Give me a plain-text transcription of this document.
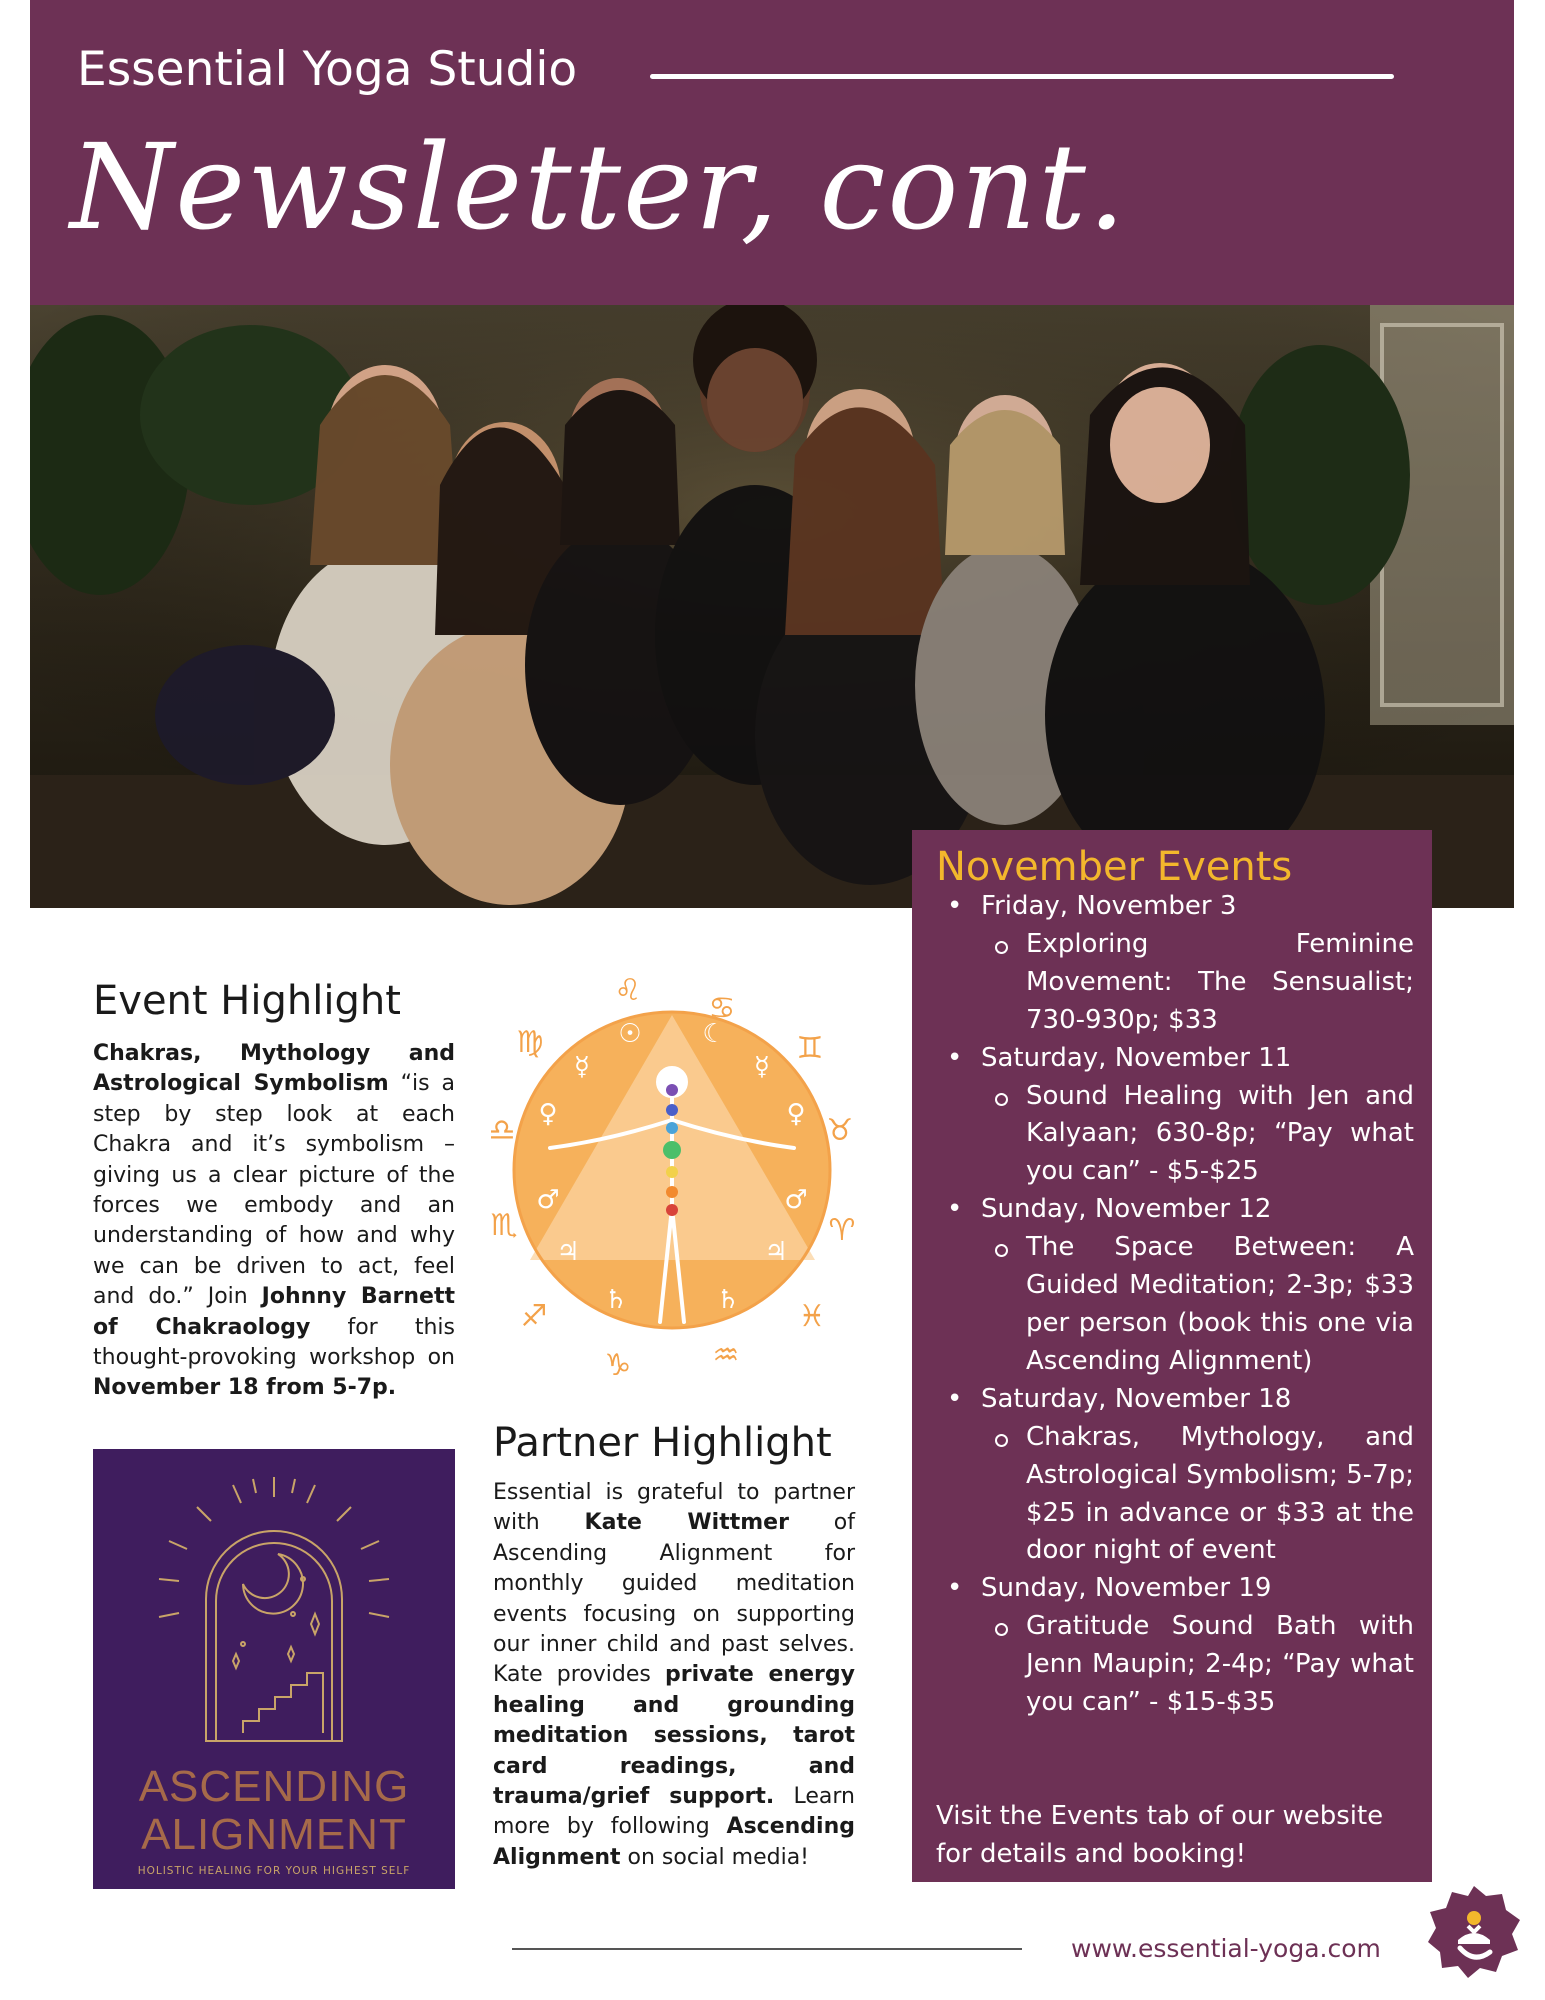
Essential Yoga Studio
Newsletter, cont.
Event Highlight
Chakras, Mythology and Astrological Symbolism “is a step by step look at each Chakra and it’s symbolism – giving us a clear picture of the forces we embody and an understanding of how and why we can be driven to act, feel and do.” Join Johnny Barnett of Chakraology for this thought-provoking workshop on November 18 from 5-7p.
ASCENDING
ALIGNMENT
HOLISTIC HEALING FOR YOUR HIGHEST SELF
♌
♋
♍	♊
♎	♉
♏	♈
♐	♓
♑	♒
☉ ☾
☿	☿
♀	♀
♂	♂
♃	♃
♄	♄
Partner Highlight
Essential is grateful to partner with Kate Wittmer of Ascending Alignment for monthly guided meditation events focusing on supporting our inner child and past selves. Kate provides private energy healing and grounding meditation sessions, tarot card readings, and trauma/grief support. Learn more by following Ascending Alignment on social media!
November Events
• Friday, November 3
Exploring Feminine Movement: The Sensualist; 730-930p; $33
• Saturday, November 11
Sound Healing with Jen and Kalyaan; 630-8p; “Pay what you can” - $5-$25
• Sunday, November 12
The Space Between: A Guided Meditation; 2-3p; $33 per person (book this one via Ascending Alignment)
• Saturday, November 18
Chakras, Mythology, and Astrological Symbolism; 5-7p; $25 in advance or $33 at the door night of event
• Sunday, November 19
Gratitude Sound Bath with Jenn Maupin; 2-4p; “Pay what you can” - $15-$35
Visit the Events tab of our website for details and booking!
www.essential-yoga.com
